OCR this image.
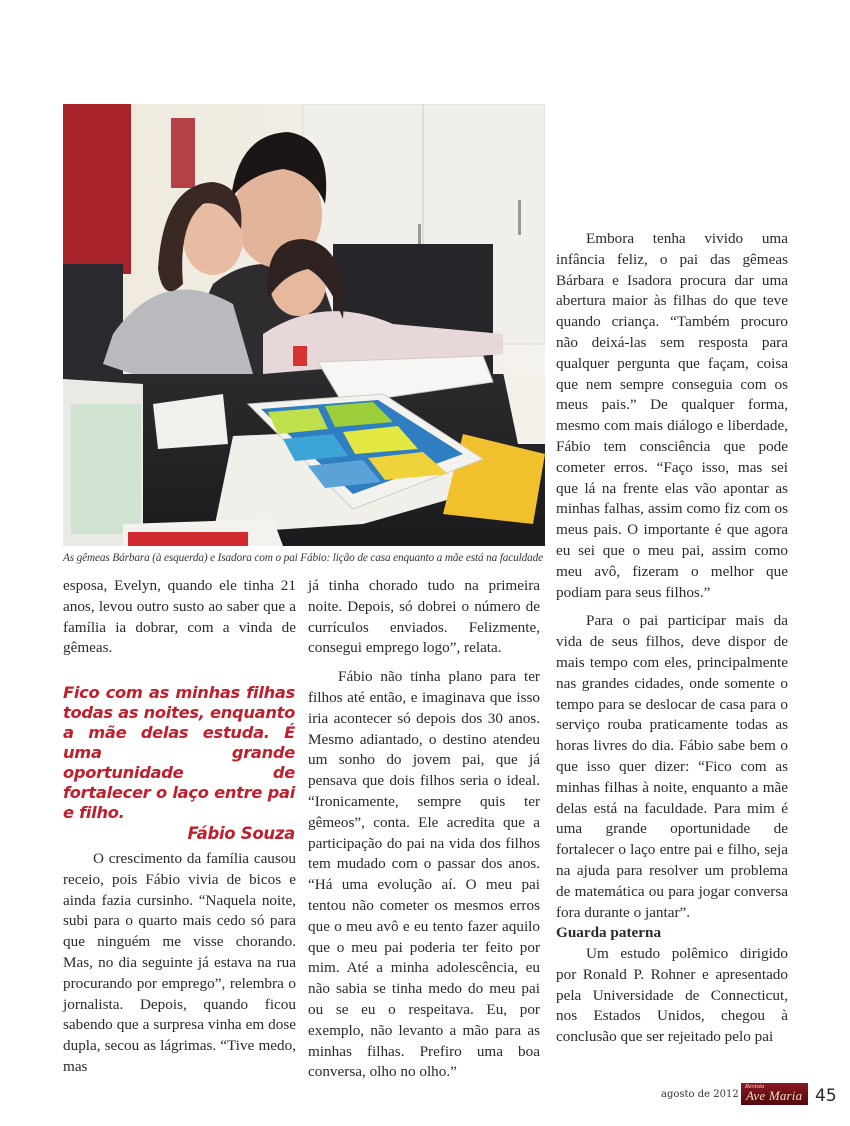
As gêmeas Bárbara (à esquerda) e Isadora com o pai Fábio: lição de casa enquanto a mãe está na faculdade

esposa, Evelyn, quando ele tinha 21 anos, levou outro susto ao saber que a família ia dobrar, com a vinda de gêmeas.

Fico com as minhas filhas todas as noites, enquanto a mãe delas estuda. É uma grande oportunidade de fortalecer o laço entre pai e filho.
Fábio Souza

O crescimento da família causou receio, pois Fábio vivia de bicos e ainda fazia cursinho. “Naquela noite, subi para o quarto mais cedo só para que ninguém me visse chorando. Mas, no dia seguinte já estava na rua procurando por emprego”, relembra o jornalista. Depois, quando ficou sabendo que a surpresa vinha em dose dupla, secou as lágrimas. “Tive medo, mas

já tinha chorado tudo na primeira noite. Depois, só dobrei o número de currículos enviados. Felizmente, consegui emprego logo”, relata.

Fábio não tinha plano para ter filhos até então, e imaginava que isso iria acontecer só depois dos 30 anos. Mesmo adiantado, o destino atendeu um sonho do jovem pai, que já pensava que dois filhos seria o ideal. “Ironicamente, sempre quis ter gêmeos”, conta. Ele acredita que a participação do pai na vida dos filhos tem mudado com o passar dos anos. “Há uma evolução aí. O meu pai tentou não cometer os mesmos erros que o meu avô e eu tento fazer aquilo que o meu pai poderia ter feito por mim. Até a minha adolescência, eu não sabia se tinha medo do meu pai ou se eu o respeitava. Eu, por exemplo, não levanto a mão para as minhas filhas. Prefiro uma boa conversa, olho no olho.”

Embora tenha vivido uma infância feliz, o pai das gêmeas Bárbara e Isadora procura dar uma abertura maior às filhas do que teve quando criança. “Também procuro não deixá-las sem resposta para qualquer pergunta que façam, coisa que nem sempre conseguia com os meus pais.” De qualquer forma, mesmo com mais diálogo e liberdade, Fábio tem consciência que pode cometer erros. “Faço isso, mas sei que lá na frente elas vão apontar as minhas falhas, assim como fiz com os meus pais. O importante é que agora eu sei que o meu pai, assim como meu avô, fizeram o melhor que podiam para seus filhos.”

Para o pai participar mais da vida de seus filhos, deve dispor de mais tempo com eles, principalmente nas grandes cidades, onde somente o tempo para se deslocar de casa para o serviço rouba praticamente todas as horas livres do dia. Fábio sabe bem o que isso quer dizer: “Fico com as minhas filhas à noite, enquanto a mãe delas está na faculdade. Para mim é uma grande oportunidade de fortalecer o laço entre pai e filho, seja na ajuda para resolver um problema de matemática ou para jogar conversa fora durante o jantar”.

Guarda paterna

Um estudo polêmico dirigido por Ronald P. Rohner e apresentado pela Universidade de Connecticut, nos Estados Unidos, chegou à conclusão que ser rejeitado pelo pai

agosto de 2012
Revista
Ave Maria 45
